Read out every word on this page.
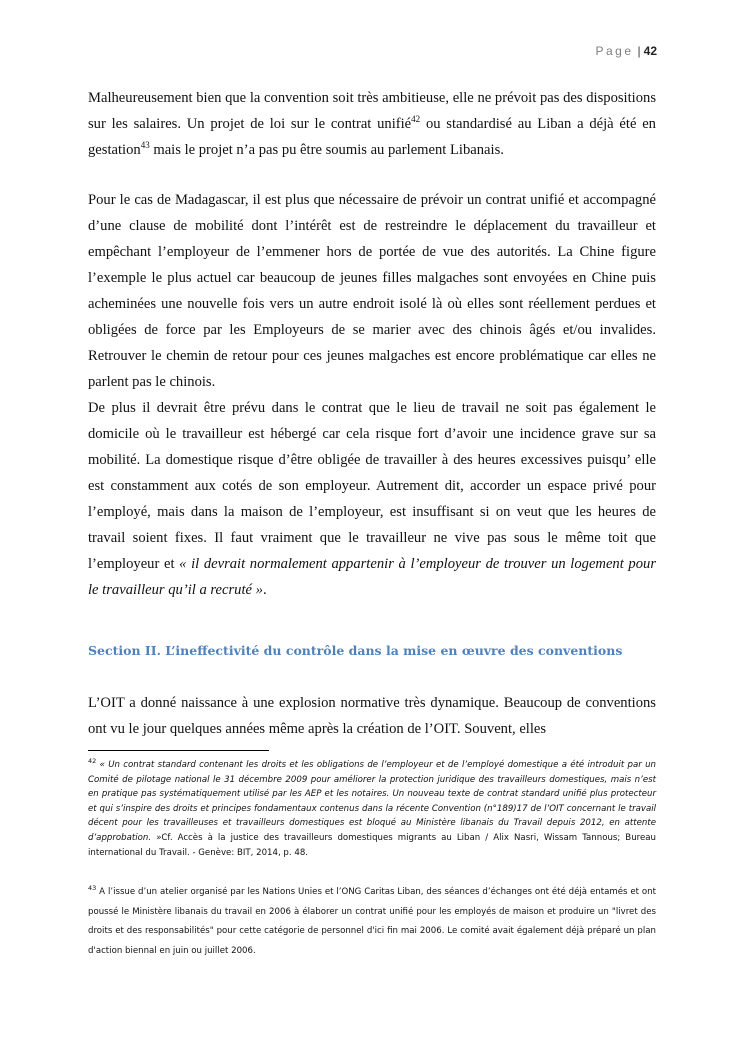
Page | 42

Malheureusement bien que la convention soit très ambitieuse, elle ne prévoit pas des dispositions sur les salaires. Un projet de loi sur le contrat unifié$^{42}$ ou standardisé au Liban a déjà été en gestation$^{43}$ mais le projet n’a pas pu être soumis au parlement Libanais.

Pour le cas de Madagascar, il est plus que nécessaire de prévoir un contrat unifié et accompagné d’une clause de mobilité dont l’intérêt est de restreindre le déplacement du travailleur et empêchant l’employeur de l’emmener hors de portée de vue des autorités. La Chine figure l’exemple le plus actuel car beaucoup de jeunes filles malgaches sont envoyées en Chine puis acheminées une nouvelle fois vers un autre endroit isolé là où elles sont réellement perdues et obligées de force par les Employeurs de se marier avec des chinois âgés et/ou invalides. Retrouver le chemin de retour pour ces jeunes malgaches est encore problématique car elles ne parlent pas le chinois.

De plus il devrait être prévu dans le contrat que le lieu de travail ne soit pas également le domicile où le travailleur est hébergé car cela risque fort d’avoir une incidence grave sur sa mobilité. La domestique risque d’être obligée de travailler à des heures excessives puisqu’ elle est constamment aux cotés de son employeur. Autrement dit, accorder un espace privé pour l’employé, mais dans la maison de l’employeur, est insuffisant si on veut que les heures de travail soient fixes. Il faut vraiment que le travailleur ne vive pas sous le même toit que l’employeur et « il devrait normalement appartenir à l’employeur de trouver un logement pour le travailleur qu’il a recruté ».

Section II. L’ineffectivité du contrôle dans la mise en œuvre des conventions

L’OIT a donné naissance à une explosion normative très dynamique. Beaucoup de conventions ont vu le jour quelques années même après la création de l’OIT. Souvent, elles

$^{42}$ « Un contrat standard contenant les droits et les obligations de l’employeur et de l’employé domestique a été introduit par un Comité de pilotage national le 31 décembre 2009 pour améliorer la protection juridique des travailleurs domestiques, mais n’est en pratique pas systématiquement utilisé par les AEP et les notaires. Un nouveau texte de contrat standard unifié plus protecteur et qui s’inspire des droits et principes fondamentaux contenus dans la récente Convention (n°189)17 de l’OIT concernant le travail décent pour les travailleuses et travailleurs domestiques est bloqué au Ministère libanais du Travail depuis 2012, en attente d’approbation. »Cf. Accès à la justice des travailleurs domestiques migrants au Liban / Alix Nasri, Wissam Tannous; Bureau international du Travail. - Genève: BIT, 2014, p. 48.

$^{43}$ A l’issue d’un atelier organisé par les Nations Unies et l’ONG Caritas Liban, des séances d’échanges ont été déjà entamés et ont poussé le Ministère libanais du travail en 2006 à élaborer un contrat unifié pour les employés de maison et produire un "livret des droits et des responsabilités" pour cette catégorie de personnel d'ici fin mai 2006. Le comité avait également déjà préparé un plan d'action biennal en juin ou juillet 2006.
